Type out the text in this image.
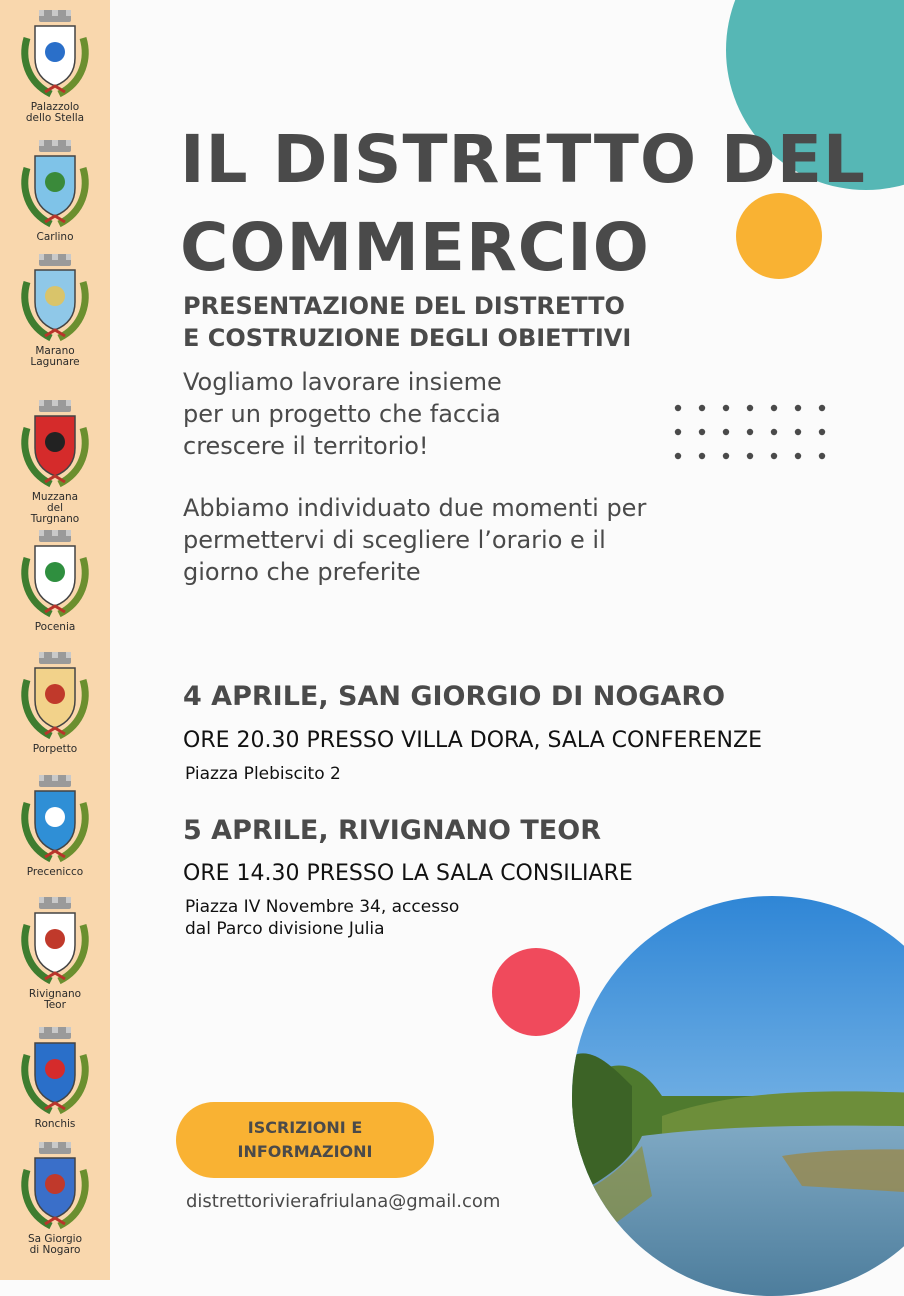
Palazzolo
dello Stella
Carlino
Marano
Lagunare
Muzzana
del
Turgnano
Pocenia
Porpetto
Precenicco
Rivignano
Teor
Ronchis
Sa Giorgio
di Nogaro
IL DISTRETTO DEL
COMMERCIO
PRESENTAZIONE DEL DISTRETTO
E COSTRUZIONE DEGLI OBIETTIVI

Vogliamo lavorare insieme
per un progetto che faccia
crescere il territorio!

Abbiamo individuato due momenti per
permettervi di scegliere l’orario e il
giorno che preferite

4 APRILE, SAN GIORGIO DI NOGARO

ORE 20.30 PRESSO VILLA DORA, SALA CONFERENZE

Piazza Plebiscito 2

5 APRILE, RIVIGNANO TEOR

ORE 14.30 PRESSO LA SALA CONSILIARE

Piazza IV Novembre 34, accesso
dal Parco divisione Julia

ISCRIZIONI E
INFORMAZIONI

distrettorivierafriulana@gmail.com
